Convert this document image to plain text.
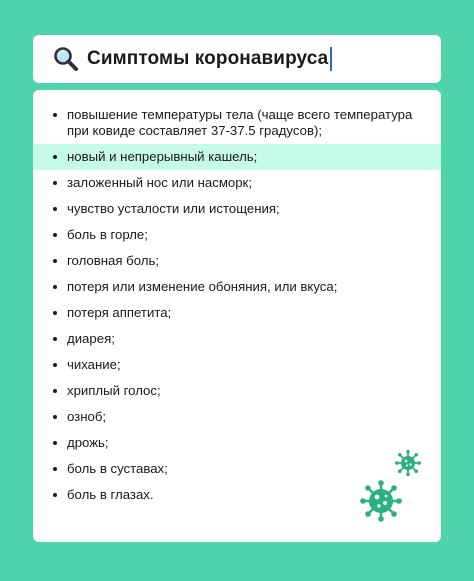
Симптомы коронавируса
повышение температуры тела (чаще всего температура при ковиде составляет 37-37.5 градусов);
новый и непрерывный кашель;
заложенный нос или насморк;
чувство усталости или истощения;
боль в горле;
головная боль;
потеря или изменение обоняния, или вкуса;
потеря аппетита;
диарея;
чихание;
хриплый голос;
озноб;
дрожь;
боль в суставах;
боль в глазах.
